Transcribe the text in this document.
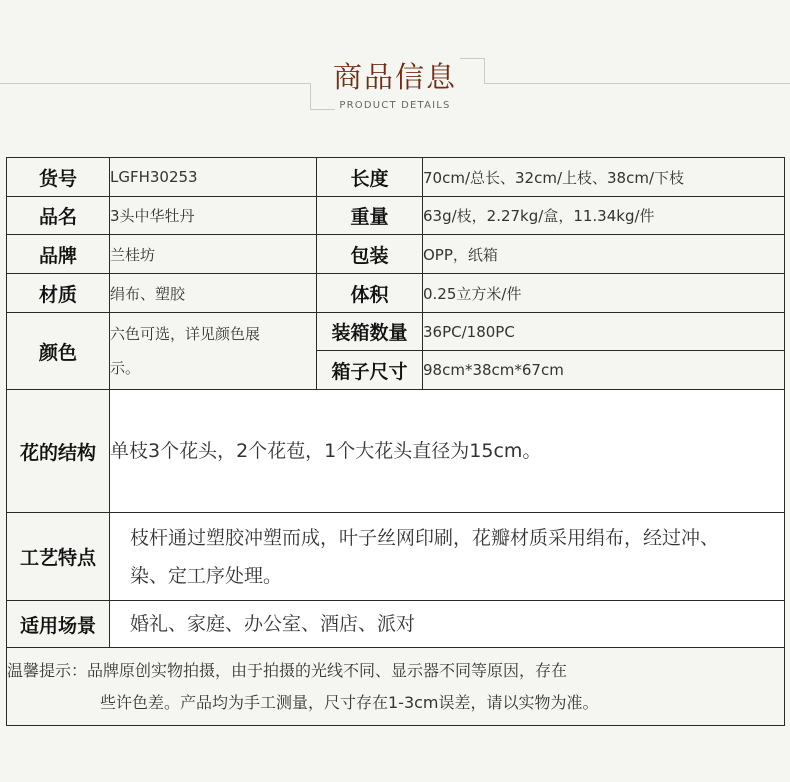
商品信息
PRODUCT DETAILS
货号	LGFH30253	长度	70cm/总长、32cm/上枝、38cm/下枝
品名	3头中华牡丹	重量	63g/枝，2.27kg/盒，11.34kg/件
品牌	兰桂坊	包装	OPP，纸箱
材质	绢布、塑胶	体积	0.25立方米/件
颜色	六色可选，详见颜色展示。	装箱数量	36PC/180PC
		箱子尺寸	98cm*38cm*67cm
花的结构	单枝3个花头，2个花苞，1个大花头直径为15cm。		
工艺特点	枝杆通过塑胶冲塑而成，叶子丝网印刷，花瓣材质采用绢布，经过冲、染、定工序处理。		
适用场景	婚礼、家庭、办公室、酒店、派对		

温馨提示：品牌原创实物拍摄，由于拍摄的光线不同、显示器不同等原因，存在
些许色差。产品均为手工测量，尺寸存在1-3cm误差，请以实物为准。			
